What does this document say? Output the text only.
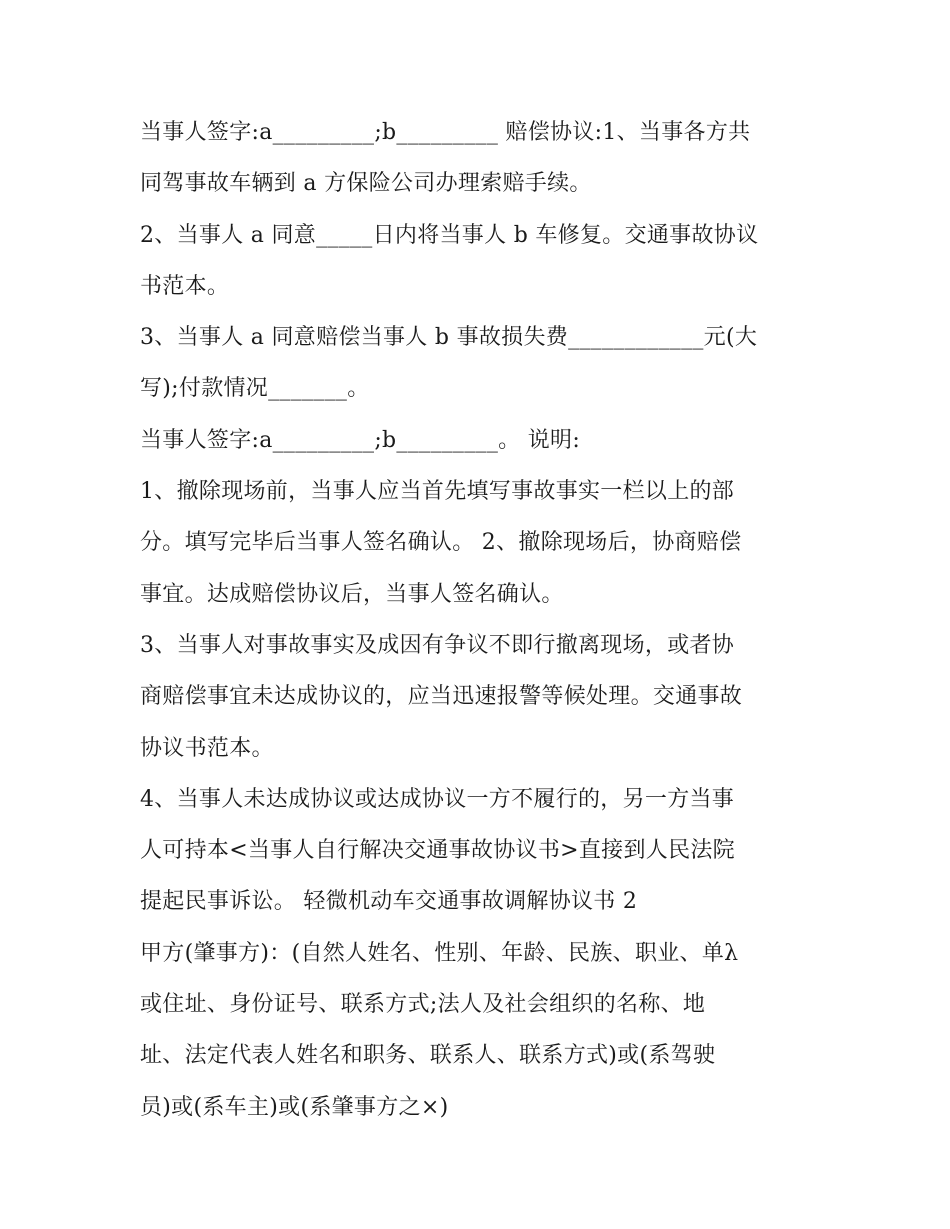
当事人签字:a_________;b_________ 赔偿协议:1、当事各方共
同驾事故车辆到 a 方保险公司办理索赔手续。
2、当事人 a 同意_____日内将当事人 b 车修复。交通事故协议
书范本。
3、当事人 a 同意赔偿当事人 b 事故损失费____________元(大
写);付款情况_______。
当事人签字:a_________;b_________。 说明:
1、撤除现场前，当事人应当首先填写事故事实一栏以上的部
分。填写完毕后当事人签名确认。 2、撤除现场后，协商赔偿
事宜。达成赔偿协议后，当事人签名确认。
3、当事人对事故事实及成因有争议不即行撤离现场，或者协
商赔偿事宜未达成协议的，应当迅速报警等候处理。交通事故
协议书范本。
4、当事人未达成协议或达成协议一方不履行的，另一方当事
人可持本<当事人自行解决交通事故协议书>直接到人民法院
提起民事诉讼。 轻微机动车交通事故调解协议书 2
甲方(肇事方)：(自然人姓名、性别、年龄、民族、职业、单λ
或住址、身份证号、联系方式;法人及社会组织的名称、地
址、法定代表人姓名和职务、联系人、联系方式)或(系驾驶
员)或(系车主)或(系肇事方之×)
